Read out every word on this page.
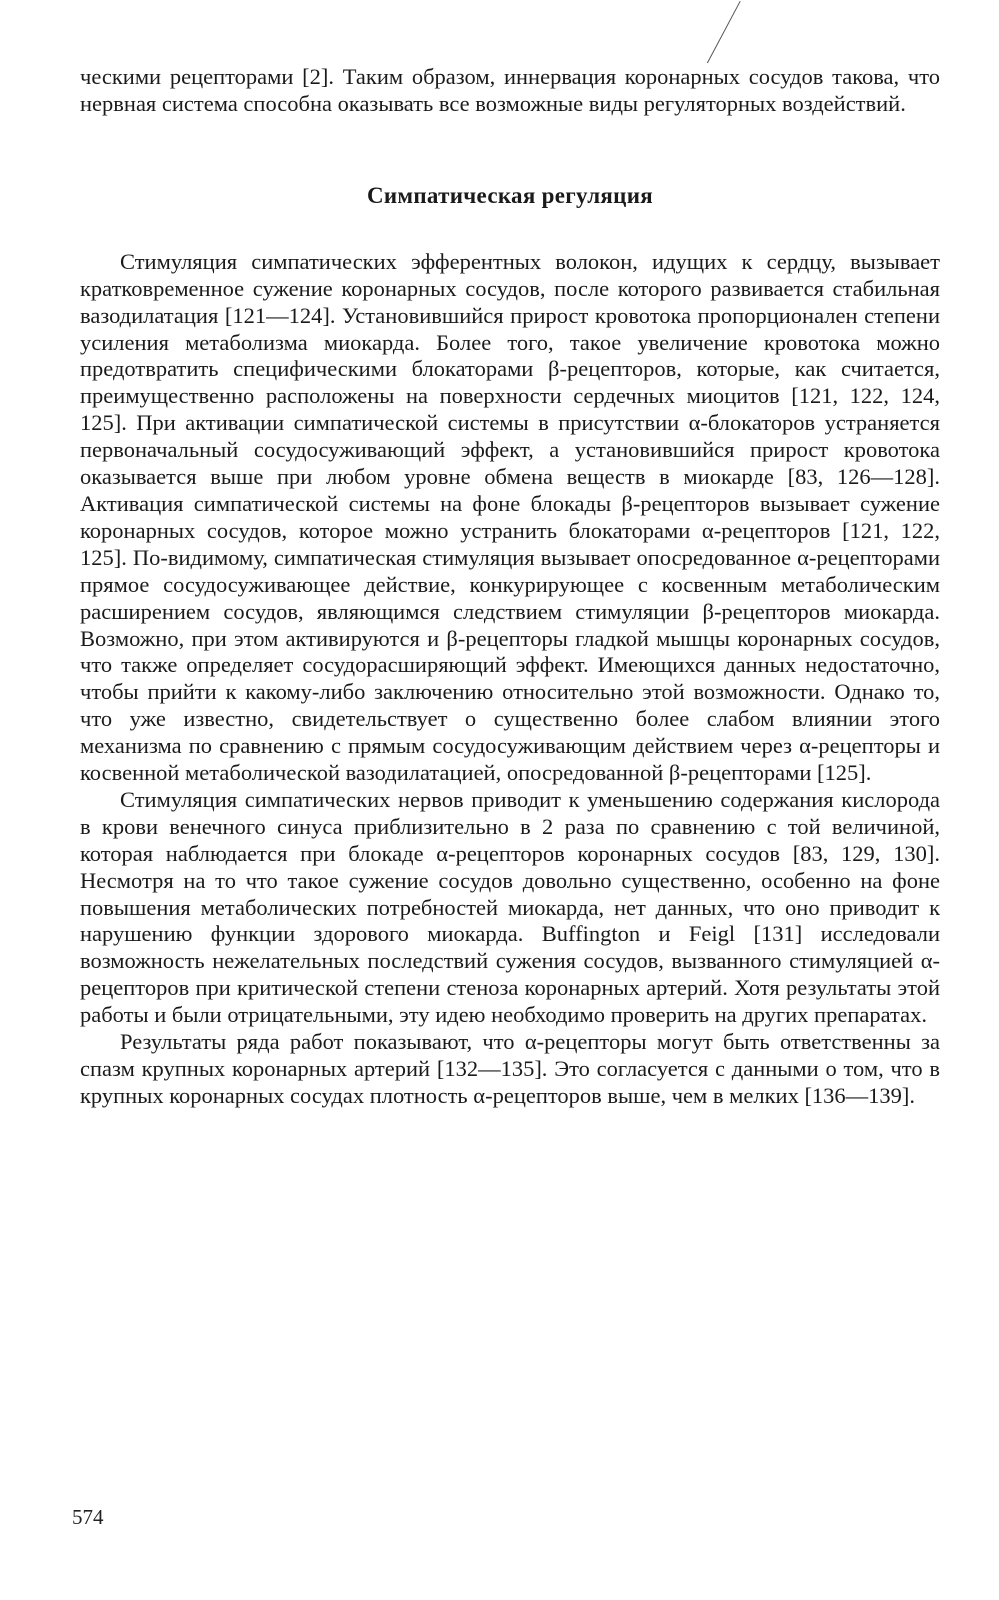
ческими рецепторами [2]. Таким образом, иннервация коронарных сосудов такова, что нервная система способна оказывать все возможные виды регуляторных воздействий.

Симпатическая регуляция

Стимуляция симпатических эфферентных волокон, идущих к сердцу, вызывает кратковременное сужение коронарных сосудов, после которого развивается стабильная вазодилатация [121—124]. Установившийся прирост кровотока пропорционален степени усиления метаболизма миокарда. Более того, такое увеличение кровотока можно предотвратить специфическими блокаторами β-рецепторов, которые, как считается, преимущественно расположены на поверхности сердечных миоцитов [121, 122, 124, 125]. При активации симпатической системы в присутствии α-блокаторов устраняется первоначальный сосудосуживающий эффект, а установившийся прирост кровотока оказывается выше при любом уровне обмена веществ в миокарде [83, 126—128]. Активация симпатической системы на фоне блокады β-рецепторов вызывает сужение коронарных сосудов, которое можно устранить блокаторами α-рецепторов [121, 122, 125]. По-видимому, симпатическая стимуляция вызывает опосредованное α-рецепторами прямое сосудосуживающее действие, конкурирующее с косвенным метаболическим расширением сосудов, являющимся следствием стимуляции β-рецепторов миокарда. Возможно, при этом активируются и β-рецепторы гладкой мышцы коронарных сосудов, что также определяет сосудорасширяющий эффект. Имеющихся данных недостаточно, чтобы прийти к какому-либо заключению относительно этой возможности. Однако то, что уже известно, свидетельствует о существенно более слабом влиянии этого механизма по сравнению с прямым сосудосуживающим действием через α-рецепторы и косвенной метаболической вазодилатацией, опосредованной β-рецепторами [125].

Стимуляция симпатических нервов приводит к уменьшению содержания кислорода в крови венечного синуса приблизительно в 2 раза по сравнению с той величиной, которая наблюдается при блокаде α-рецепторов коронарных сосудов [83, 129, 130]. Несмотря на то что такое сужение сосудов довольно существенно, особенно на фоне повышения метаболических потребностей миокарда, нет данных, что оно приводит к нарушению функции здорового миокарда. Buffington и Feigl [131] исследовали возможность нежелательных последствий сужения сосудов, вызванного стимуляцией α-рецепторов при критической степени стеноза коронарных артерий. Хотя результаты этой работы и были отрицательными, эту идею необходимо проверить на других препаратах.

Результаты ряда работ показывают, что α-рецепторы могут быть ответственны за спазм крупных коронарных артерий [132—135]. Это согласуется с данными о том, что в крупных коронарных сосудах плотность α-рецепторов выше, чем в мелких [136—139].

574
